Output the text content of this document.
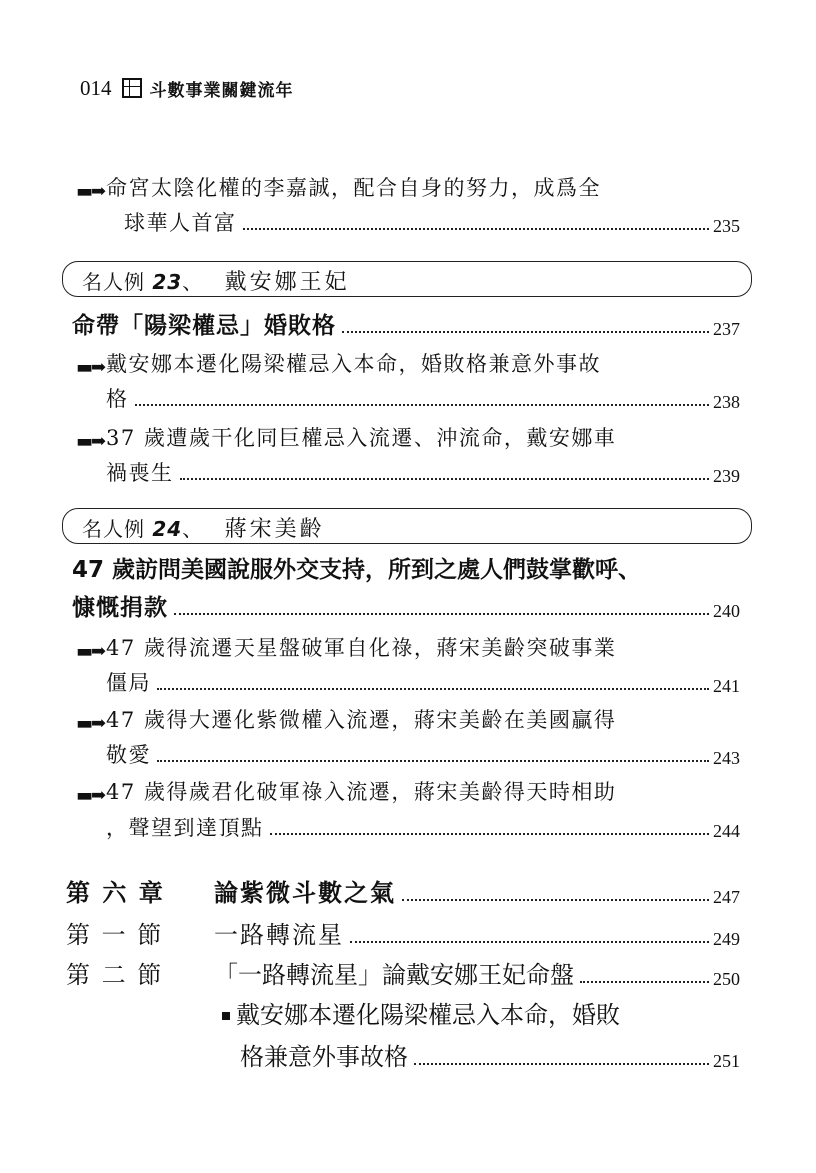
014 斗數事業關鍵流年
▬➡ 命宮太陰化權的李嘉誠，配合自身的努力，成爲全
球華人首富	235
名人例 23、 戴安娜王妃
命帶「陽梁權忌」婚敗格	237
▬➡ 戴安娜本遷化陽梁權忌入本命，婚敗格兼意外事故
格	238
▬➡ 37 歲遭歲干化同巨權忌入流遷、沖流命，戴安娜車
禍喪生	239
名人例 24、 蔣宋美齡
47 歲訪問美國說服外交支持，所到之處人們鼓掌歡呼、
慷慨捐款	240
▬➡ 47 歲得流遷天星盤破軍自化祿，蔣宋美齡突破事業
僵局	241
▬➡ 47 歲得大遷化紫微權入流遷，蔣宋美齡在美國贏得
敬愛	243
▬➡ 47 歲得歲君化破軍祿入流遷，蔣宋美齡得天時相助
，聲望到達頂點	244
第 六 章	論紫微斗數之氣	247
第 一 節	一路轉流星	249
第 二 節	「一路轉流星」論戴安娜王妃命盤	250
戴安娜本遷化陽梁權忌入本命，婚敗
格兼意外事故格	251
